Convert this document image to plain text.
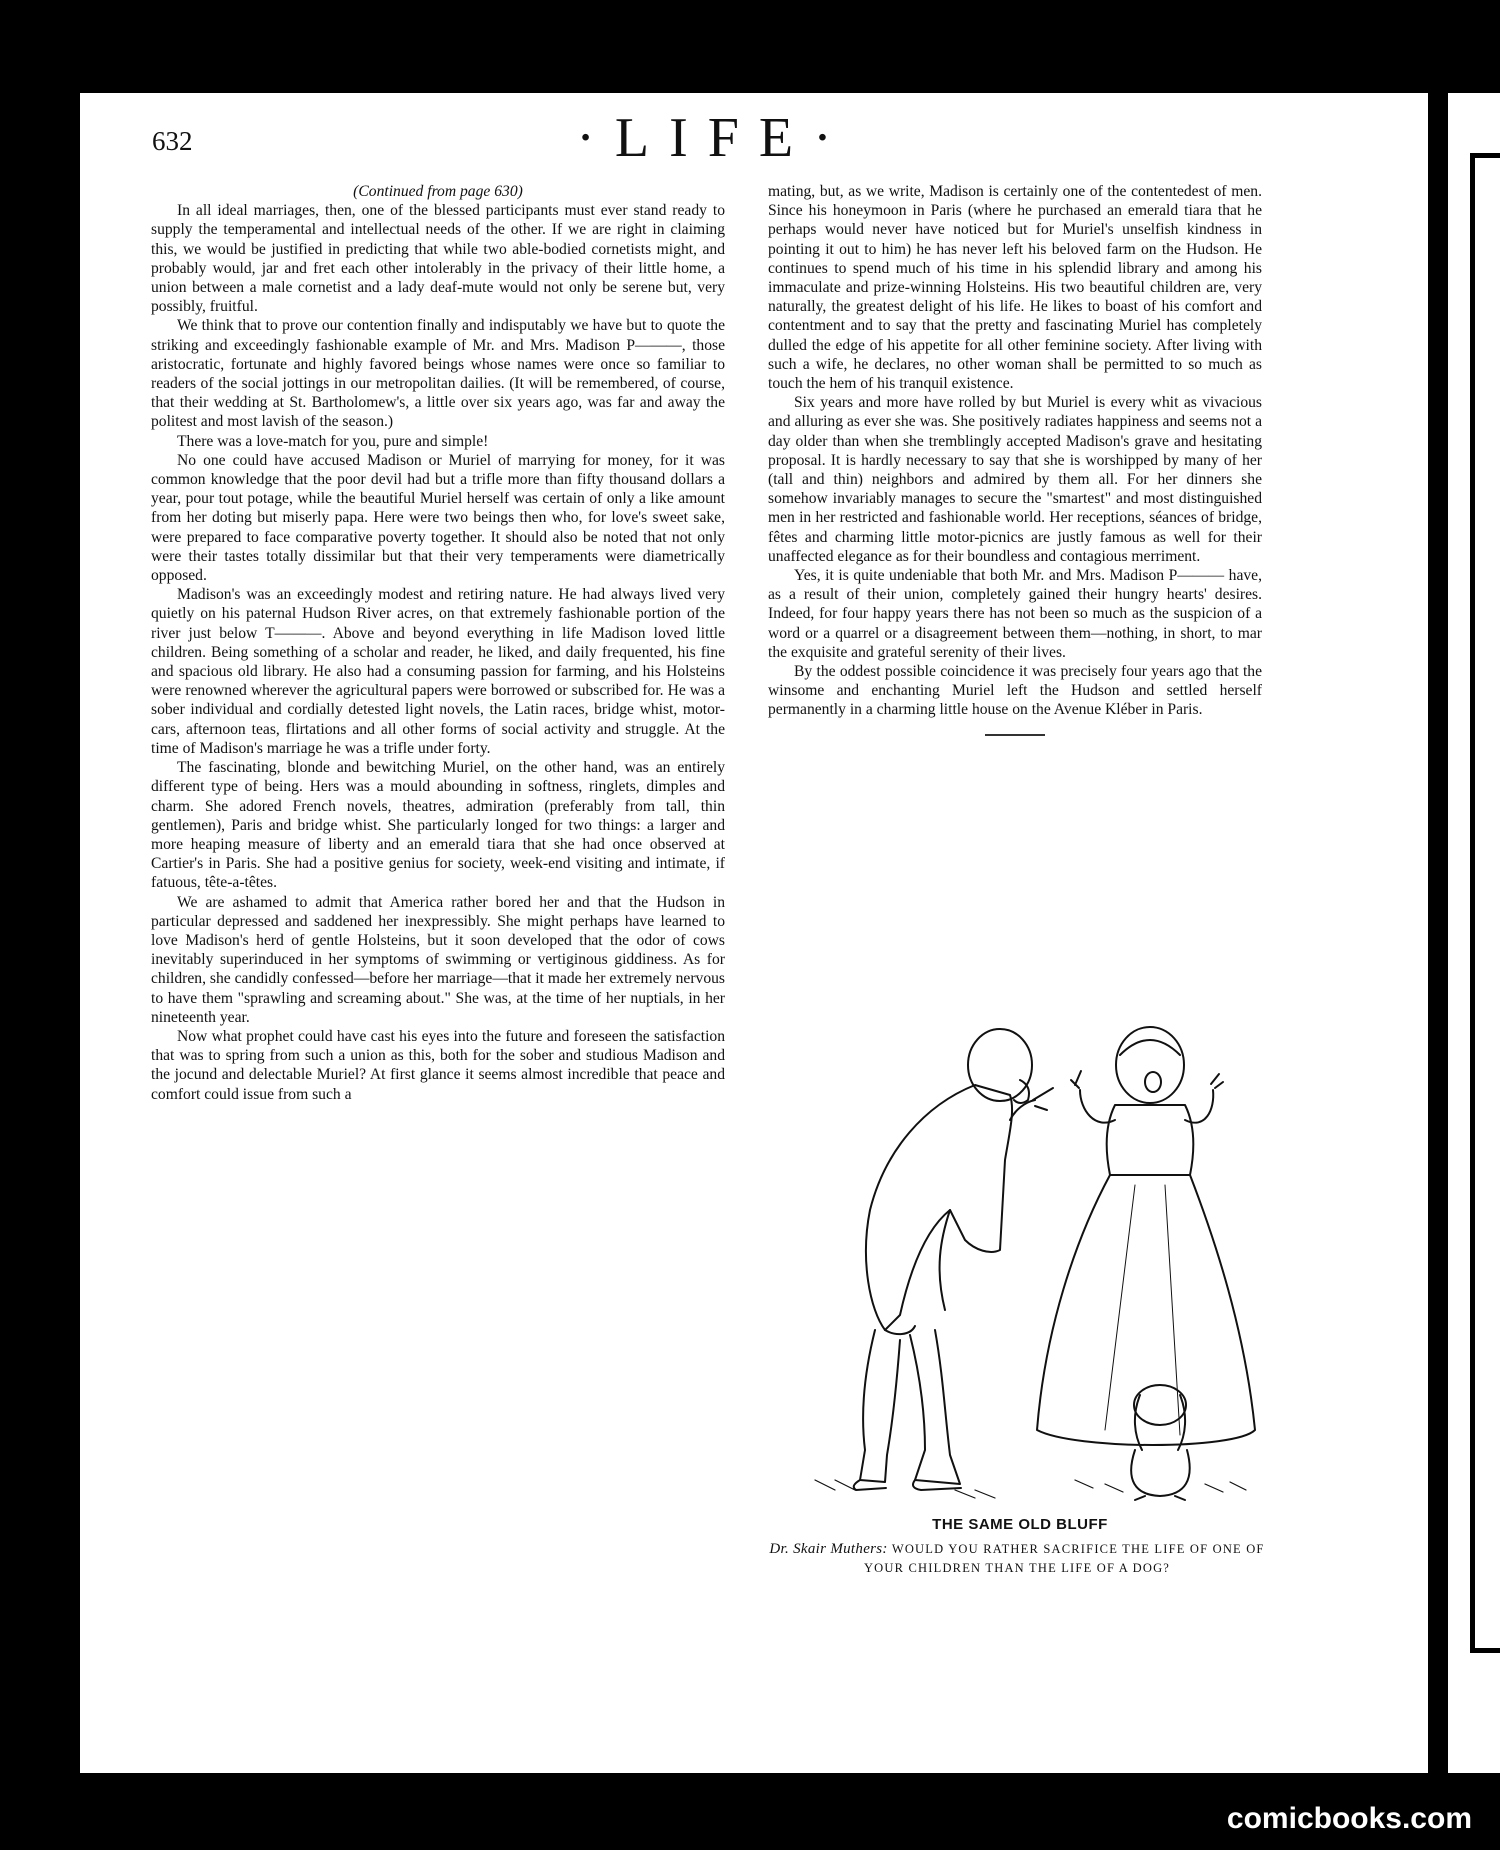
632	·LIFE·
(Continued from page 630)

In all ideal marriages, then, one of the blessed participants must ever stand ready to supply the temperamental and intellectual needs of the other. If we are right in claiming this, we would be justified in predicting that while two able-bodied cornetists might, and probably would, jar and fret each other intolerably in the privacy of their little home, a union between a male cornetist and a lady deaf-mute would not only be serene but, very possibly, fruitful.

We think that to prove our contention finally and indisputably we have but to quote the striking and exceedingly fashionable example of Mr. and Mrs. Madison P———, those aristocratic, fortunate and highly favored beings whose names were once so familiar to readers of the social jottings in our metropolitan dailies. (It will be remembered, of course, that their wedding at St. Bartholomew's, a little over six years ago, was far and away the politest and most lavish of the season.)

There was a love-match for you, pure and simple!

No one could have accused Madison or Muriel of marrying for money, for it was common knowledge that the poor devil had but a trifle more than fifty thousand dollars a year, pour tout potage, while the beautiful Muriel herself was certain of only a like amount from her doting but miserly papa. Here were two beings then who, for love's sweet sake, were prepared to face comparative poverty together. It should also be noted that not only were their tastes totally dissimilar but that their very temperaments were diametrically opposed.

Madison's was an exceedingly modest and retiring nature. He had always lived very quietly on his paternal Hudson River acres, on that extremely fashionable portion of the river just below T———. Above and beyond everything in life Madison loved little children. Being something of a scholar and reader, he liked, and daily frequented, his fine and spacious old library. He also had a consuming passion for farming, and his Holsteins were renowned wherever the agricultural papers were borrowed or subscribed for. He was a sober individual and cordially detested light novels, the Latin races, bridge whist, motor-cars, afternoon teas, flirtations and all other forms of social activity and struggle. At the time of Madison's marriage he was a trifle under forty.

The fascinating, blonde and bewitching Muriel, on the other hand, was an entirely different type of being. Hers was a mould abounding in softness, ringlets, dimples and charm. She adored French novels, theatres, admiration (preferably from tall, thin gentlemen), Paris and bridge whist. She particularly longed for two things: a larger and more heaping measure of liberty and an emerald tiara that she had once observed at Cartier's in Paris. She had a positive genius for society, week-end visiting and intimate, if fatuous, tête-a-têtes.

We are ashamed to admit that America rather bored her and that the Hudson in particular depressed and saddened her inexpressibly. She might perhaps have learned to love Madison's herd of gentle Holsteins, but it soon developed that the odor of cows inevitably superinduced in her symptoms of swimming or vertiginous giddiness. As for children, she candidly confessed—before her marriage—that it made her extremely nervous to have them "sprawling and screaming about." She was, at the time of her nuptials, in her nineteenth year.

Now what prophet could have cast his eyes into the future and foreseen the satisfaction that was to spring from such a union as this, both for the sober and studious Madison and the jocund and delectable Muriel? At first glance it seems almost incredible that peace and comfort could issue from such a

mating, but, as we write, Madison is certainly one of the contentedest of men. Since his honeymoon in Paris (where he purchased an emerald tiara that he perhaps would never have noticed but for Muriel's unselfish kindness in pointing it out to him) he has never left his beloved farm on the Hudson. He continues to spend much of his time in his splendid library and among his immaculate and prize-winning Holsteins. His two beautiful children are, very naturally, the greatest delight of his life. He likes to boast of his comfort and contentment and to say that the pretty and fascinating Muriel has completely dulled the edge of his appetite for all other feminine society. After living with such a wife, he declares, no other woman shall be permitted to so much as touch the hem of his tranquil existence.

Six years and more have rolled by but Muriel is every whit as vivacious and alluring as ever she was. She positively radiates happiness and seems not a day older than when she tremblingly accepted Madison's grave and hesitating proposal. It is hardly necessary to say that she is worshipped by many of her (tall and thin) neighbors and admired by them all. For her dinners she somehow invariably manages to secure the "smartest" and most distinguished men in her restricted and fashionable world. Her receptions, séances of bridge, fêtes and charming little motor-picnics are justly famous as well for their unaffected elegance as for their boundless and contagious merriment.

Yes, it is quite undeniable that both Mr. and Mrs. Madison P——— have, as a result of their union, completely gained their hungry hearts' desires. Indeed, for four happy years there has not been so much as the suspicion of a word or a quarrel or a disagreement between them—nothing, in short, to mar the exquisite and grateful serenity of their lives.

By the oddest possible coincidence it was precisely four years ago that the winsome and enchanting Muriel left the Hudson and settled herself permanently in a charming little house on the Avenue Kléber in Paris.

THE SAME OLD BLUFF
Dr. Skair Muthers: WOULD YOU RATHER SACRIFICE THE LIFE OF ONE OF YOUR CHILDREN THAN THE LIFE OF A DOG?
comicbooks.com
